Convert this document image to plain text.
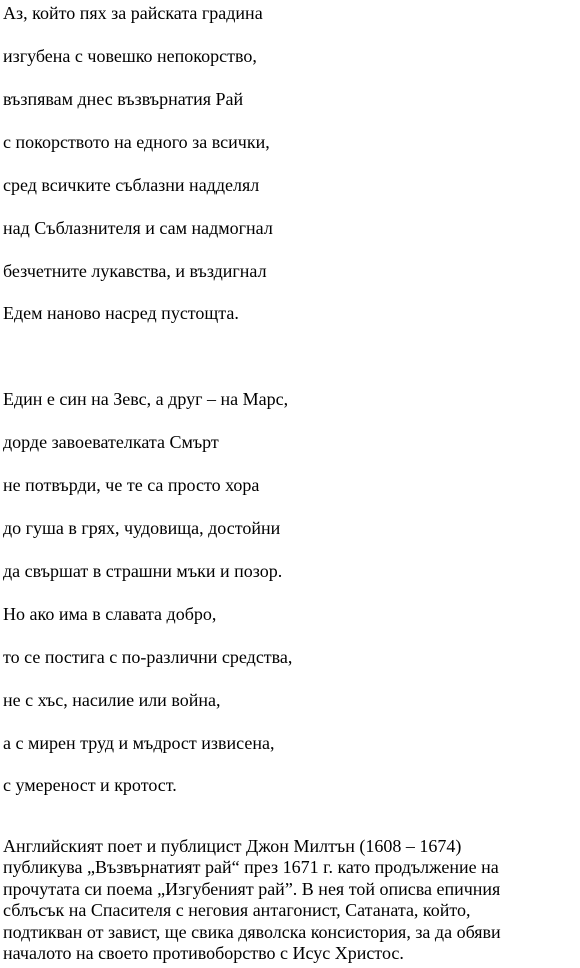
Аз, който пях за райската градина
изгубена с човешко непокорство,
възпявам днес възвърнатия Рай
с покорството на едного за всички,
сред всичките съблазни надделял
над Съблазнителя и сам надмогнал
безчетните лукавства, и въздигнал
Едем наново насред пустощта.
Един е син на Зевс, а друг – на Марс,
дорде завоевателката Смърт
не потвърди, че те са просто хора
до гуша в грях, чудовища, достойни
да свършат в страшни мъки и позор.
Но ако има в славата добро,
то се постига с по-различни средства,
не с хъс, насилие или война,
а с мирен труд и мъдрост извисена,
с умереност и кротост.
Английският поет и публицист Джон Милтън (1608 – 1674)
публикува „Възвърнатият рай“ през 1671 г. като продължение на
прочутата си поема „Изгубеният рай”. В нея той описва епичния
сблъсък на Спасителя с неговия антагонист, Сатаната, който,
подтикван от завист, ще свика дяволска консистория, за да обяви
началото на своето противоборство с Исус Христос.
